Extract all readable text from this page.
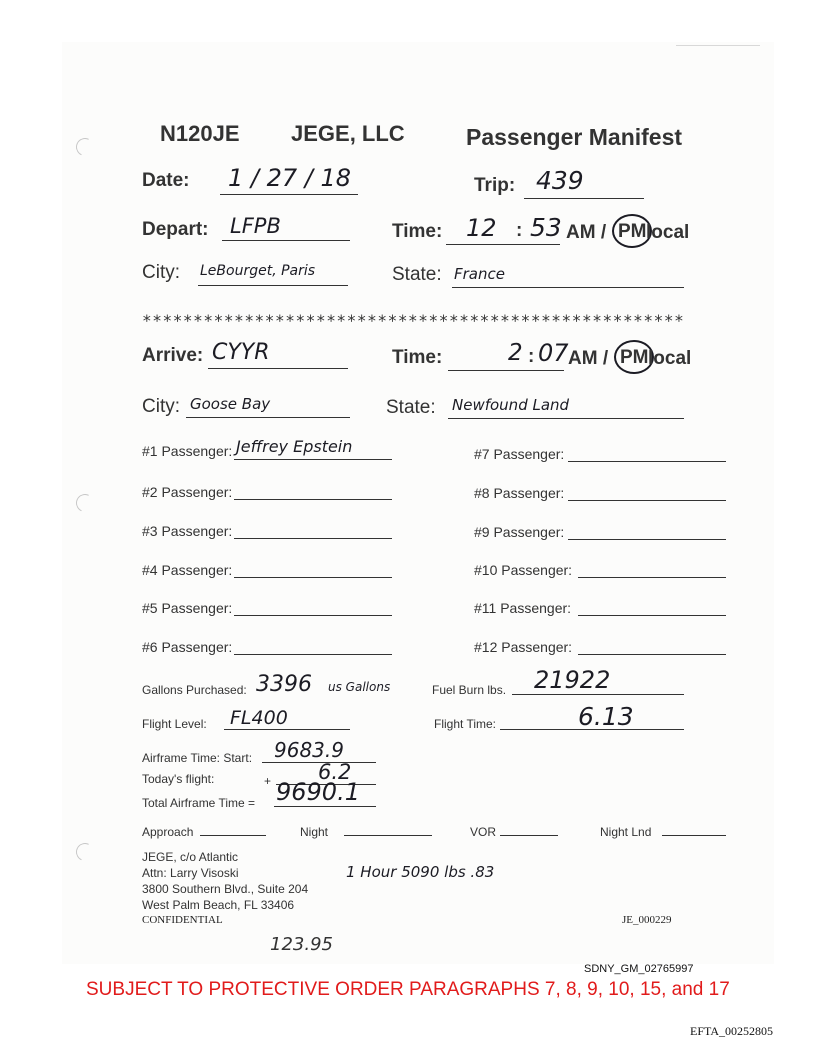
N120JE JEGE, LLC	Passenger Manifest
Date: 1 / 27 / 18	Trip: 439
Depart: LFPB	Time: 12 : 53 AM / PM local
City: LeBourget, Paris	State: France
*****************************************************
Arrive: CYYR	Time:	2 : 07 AM / PM local
City: Goose Bay	State: Newfound Land
#1 Passenger: Jeffrey Epstein
#2 Passenger:
#3 Passenger:
#4 Passenger:
#5 Passenger:
#6 Passenger:
#7 Passenger:
#8 Passenger:
#9 Passenger:
#10 Passenger:
#11 Passenger:
#12 Passenger:
Gallons Purchased: 3396 us Gallons	Fuel Burn lbs. 21922
Flight Level: FL400	Flight Time:	6.13
Airframe Time: Start: 9683.9
Today's flight:	+ 6.2
Total Airframe Time = 9690.1
Approach	Night	VOR	Night Lnd
JEGE, c/o Atlantic
Attn: Larry Visoski
3800 Southern Blvd., Suite 204
West Palm Beach, FL 33406
1 Hour 5090 lbs .83
CONFIDENTIAL	JE_000229
123.95
SDNY_GM_02765997
SUBJECT TO PROTECTIVE ORDER PARAGRAPHS 7, 8, 9, 10, 15, and 17
EFTA_00252805
